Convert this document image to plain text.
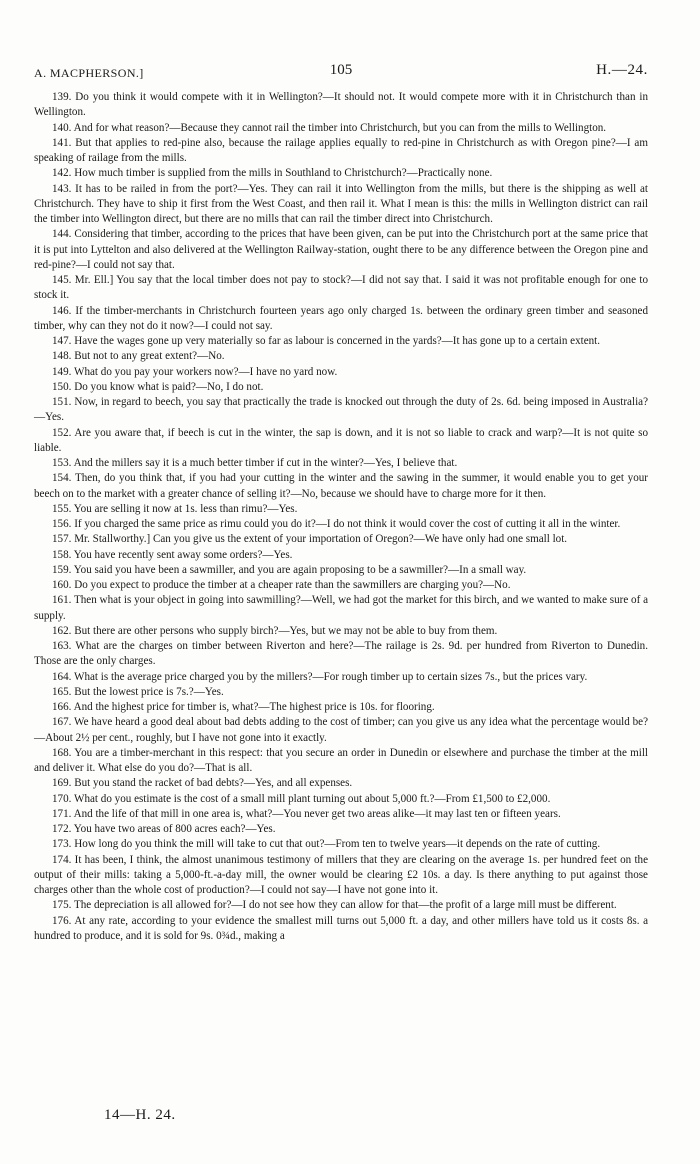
A. MACPHERSON.]	105	H.—24.

139. Do you think it would compete with it in Wellington?—It should not. It would compete more with it in Christchurch than in Wellington.

140. And for what reason?—Because they cannot rail the timber into Christchurch, but you can from the mills to Wellington.

141. But that applies to red-pine also, because the railage applies equally to red-pine in Christchurch as with Oregon pine?—I am speaking of railage from the mills.

142. How much timber is supplied from the mills in Southland to Christchurch?—Practically none.

143. It has to be railed in from the port?—Yes. They can rail it into Wellington from the mills, but there is the shipping as well at Christchurch. They have to ship it first from the West Coast, and then rail it. What I mean is this: the mills in Wellington district can rail the timber into Wellington direct, but there are no mills that can rail the timber direct into Christchurch.

144. Considering that timber, according to the prices that have been given, can be put into the Christchurch port at the same price that it is put into Lyttelton and also delivered at the Wellington Railway-station, ought there to be any difference between the Oregon pine and red-pine?—I could not say that.

145. Mr. Ell.] You say that the local timber does not pay to stock?—I did not say that. I said it was not profitable enough for one to stock it.

146. If the timber-merchants in Christchurch fourteen years ago only charged 1s. between the ordinary green timber and seasoned timber, why can they not do it now?—I could not say.

147. Have the wages gone up very materially so far as labour is concerned in the yards?—It has gone up to a certain extent.

148. But not to any great extent?—No.

149. What do you pay your workers now?—I have no yard now.

150. Do you know what is paid?—No, I do not.

151. Now, in regard to beech, you say that practically the trade is knocked out through the duty of 2s. 6d. being imposed in Australia?—Yes.

152. Are you aware that, if beech is cut in the winter, the sap is down, and it is not so liable to crack and warp?—It is not quite so liable.

153. And the millers say it is a much better timber if cut in the winter?—Yes, I believe that.

154. Then, do you think that, if you had your cutting in the winter and the sawing in the summer, it would enable you to get your beech on to the market with a greater chance of selling it?—No, because we should have to charge more for it then.

155. You are selling it now at 1s. less than rimu?—Yes.

156. If you charged the same price as rimu could you do it?—I do not think it would cover the cost of cutting it all in the winter.

157. Mr. Stallworthy.] Can you give us the extent of your importation of Oregon?—We have only had one small lot.

158. You have recently sent away some orders?—Yes.

159. You said you have been a sawmiller, and you are again proposing to be a sawmiller?—In a small way.

160. Do you expect to produce the timber at a cheaper rate than the sawmillers are charging you?—No.

161. Then what is your object in going into sawmilling?—Well, we had got the market for this birch, and we wanted to make sure of a supply.

162. But there are other persons who supply birch?—Yes, but we may not be able to buy from them.

163. What are the charges on timber between Riverton and here?—The railage is 2s. 9d. per hundred from Riverton to Dunedin. Those are the only charges.

164. What is the average price charged you by the millers?—For rough timber up to certain sizes 7s., but the prices vary.

165. But the lowest price is 7s.?—Yes.

166. And the highest price for timber is, what?—The highest price is 10s. for flooring.

167. We have heard a good deal about bad debts adding to the cost of timber; can you give us any idea what the percentage would be?—About 2½ per cent., roughly, but I have not gone into it exactly.

168. You are a timber-merchant in this respect: that you secure an order in Dunedin or elsewhere and purchase the timber at the mill and deliver it. What else do you do?—That is all.

169. But you stand the racket of bad debts?—Yes, and all expenses.

170. What do you estimate is the cost of a small mill plant turning out about 5,000 ft.?—From £1,500 to £2,000.

171. And the life of that mill in one area is, what?—You never get two areas alike—it may last ten or fifteen years.

172. You have two areas of 800 acres each?—Yes.

173. How long do you think the mill will take to cut that out?—From ten to twelve years—it depends on the rate of cutting.

174. It has been, I think, the almost unanimous testimony of millers that they are clearing on the average 1s. per hundred feet on the output of their mills: taking a 5,000-ft.-a-day mill, the owner would be clearing £2 10s. a day. Is there anything to put against those charges other than the whole cost of production?—I could not say—I have not gone into it.

175. The depreciation is all allowed for?—I do not see how they can allow for that—the profit of a large mill must be different.

176. At any rate, according to your evidence the smallest mill turns out 5,000 ft. a day, and other millers have told us it costs 8s. a hundred to produce, and it is sold for 9s. 0¾d., making a

14—H. 24.
